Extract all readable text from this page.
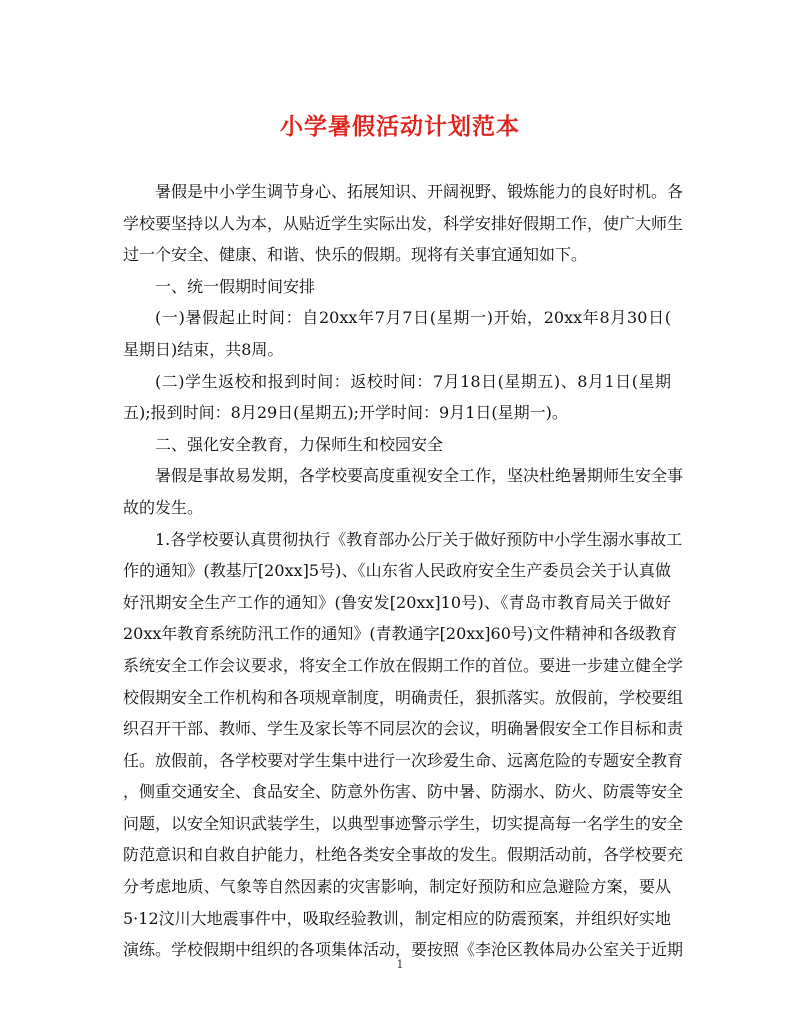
小学暑假活动计划范本

暑假是中小学生调节身心、拓展知识、开阔视野、锻炼能力的良好时机。各
学校要坚持以人为本，从贴近学生实际出发，科学安排好假期工作，使广大师生
过一个安全、健康、和谐、快乐的假期。现将有关事宜通知如下。

一、统一假期时间安排

(一)暑假起止时间：自20xx年7月7日(星期一)开始，20xx年8月30日(
星期日)结束，共8周。

(二)学生返校和报到时间：返校时间：7月18日(星期五)、8月1日(星期
五);报到时间：8月29日(星期五);开学时间：9月1日(星期一)。

二、强化安全教育，力保师生和校园安全

暑假是事故易发期，各学校要高度重视安全工作，坚决杜绝暑期师生安全事
故的发生。

1.各学校要认真贯彻执行《教育部办公厅关于做好预防中小学生溺水事故工
作的通知》(教基厅[20xx]5号)、《山东省人民政府安全生产委员会关于认真做
好汛期安全生产工作的通知》(鲁安发[20xx]10号)、《青岛市教育局关于做好
20xx年教育系统防汛工作的通知》(青教通字[20xx]60号)文件精神和各级教育
系统安全工作会议要求，将安全工作放在假期工作的首位。要进一步建立健全学
校假期安全工作机构和各项规章制度，明确责任，狠抓落实。放假前，学校要组
织召开干部、教师、学生及家长等不同层次的会议，明确暑假安全工作目标和责
任。放假前，各学校要对学生集中进行一次珍爱生命、远离危险的专题安全教育
，侧重交通安全、食品安全、防意外伤害、防中暑、防溺水、防火、防震等安全
问题，以安全知识武装学生，以典型事迹警示学生，切实提高每一名学生的安全
防范意识和自救自护能力，杜绝各类安全事故的发生。假期活动前，各学校要充
分考虑地质、气象等自然因素的灾害影响，制定好预防和应急避险方案，要从
5·12汶川大地震事件中，吸取经验教训，制定相应的防震预案，并组织好实地
演练。学校假期中组织的各项集体活动，要按照《李沧区教体局办公室关于近期

1
